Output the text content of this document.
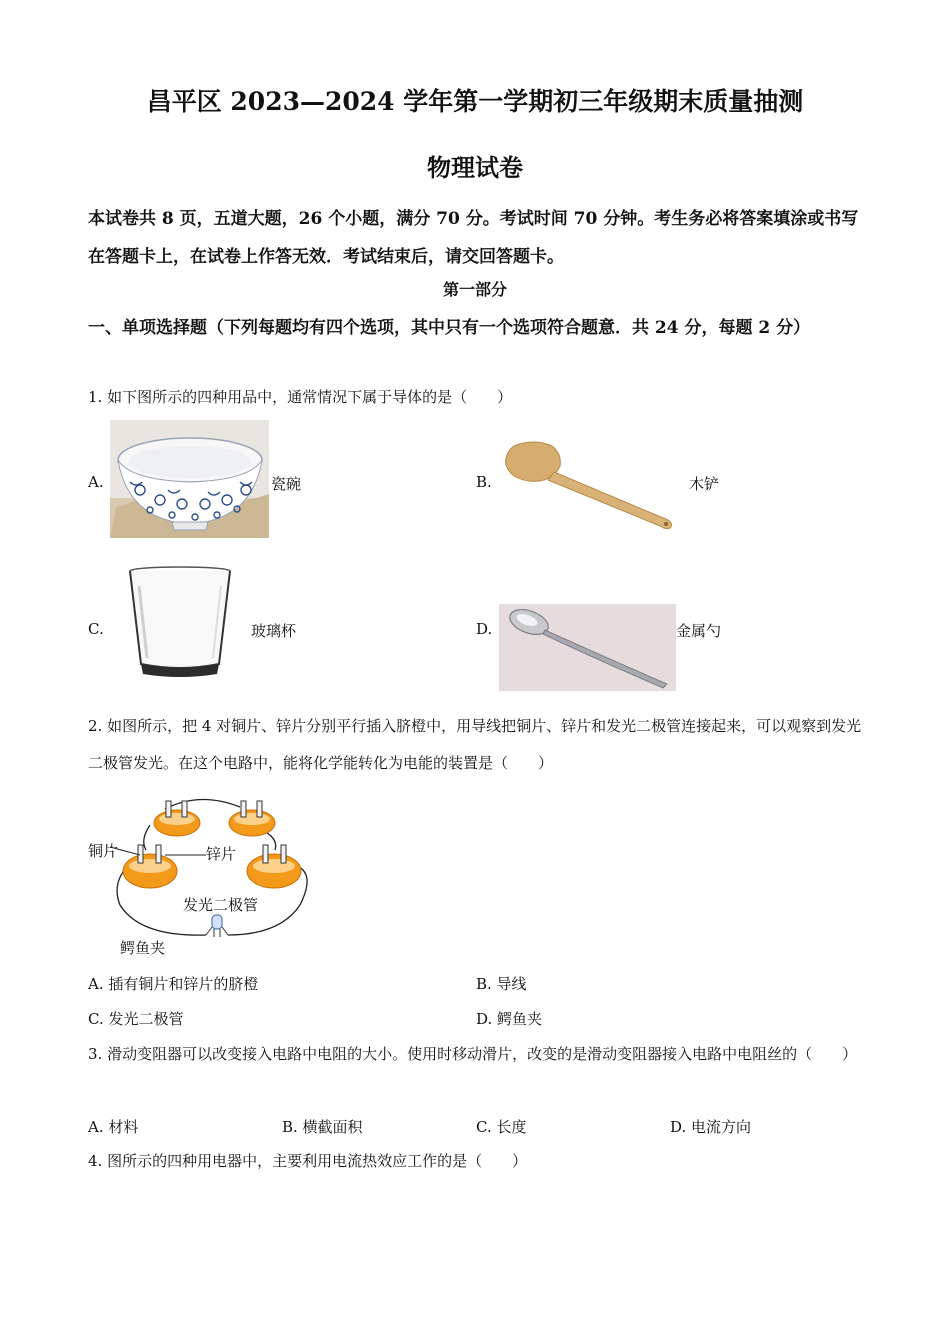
昌平区 2023—2024 学年第一学期初三年级期末质量抽测
物理试卷
本试卷共 8 页，五道大题，26 个小题，满分 70 分。考试时间 70 分钟。考生务必将答案填涂或书写在答题卡上，在试卷上作答无效．考试结束后，请交回答题卡。
第一部分
一、单项选择题（下列每题均有四个选项，其中只有一个选项符合题意．共 24 分，每题 2 分）
1. 如下图所示的四种用品中，通常情况下属于导体的是（　　）
A.	瓷碗	B.	木铲
C.	玻璃杯	D.	金属勺
2. 如图所示，把 4 对铜片、锌片分别平行插入脐橙中，用导线把铜片、锌片和发光二极管连接起来，可以观察到发光二极管发光。在这个电路中，能将化学能转化为电能的装置是（　　）
铜片	锌片
发光二极管
鳄鱼夹
A. 插有铜片和锌片的脐橙	B. 导线
C. 发光二极管	D. 鳄鱼夹
3. 滑动变阻器可以改变接入电路中电阻的大小。使用时移动滑片，改变的是滑动变阻器接入电路中电阻丝的（　　）
A. 材料	B. 横截面积	C. 长度	D. 电流方向
4. 图所示的四种用电器中，主要利用电流热效应工作的是（　　）
